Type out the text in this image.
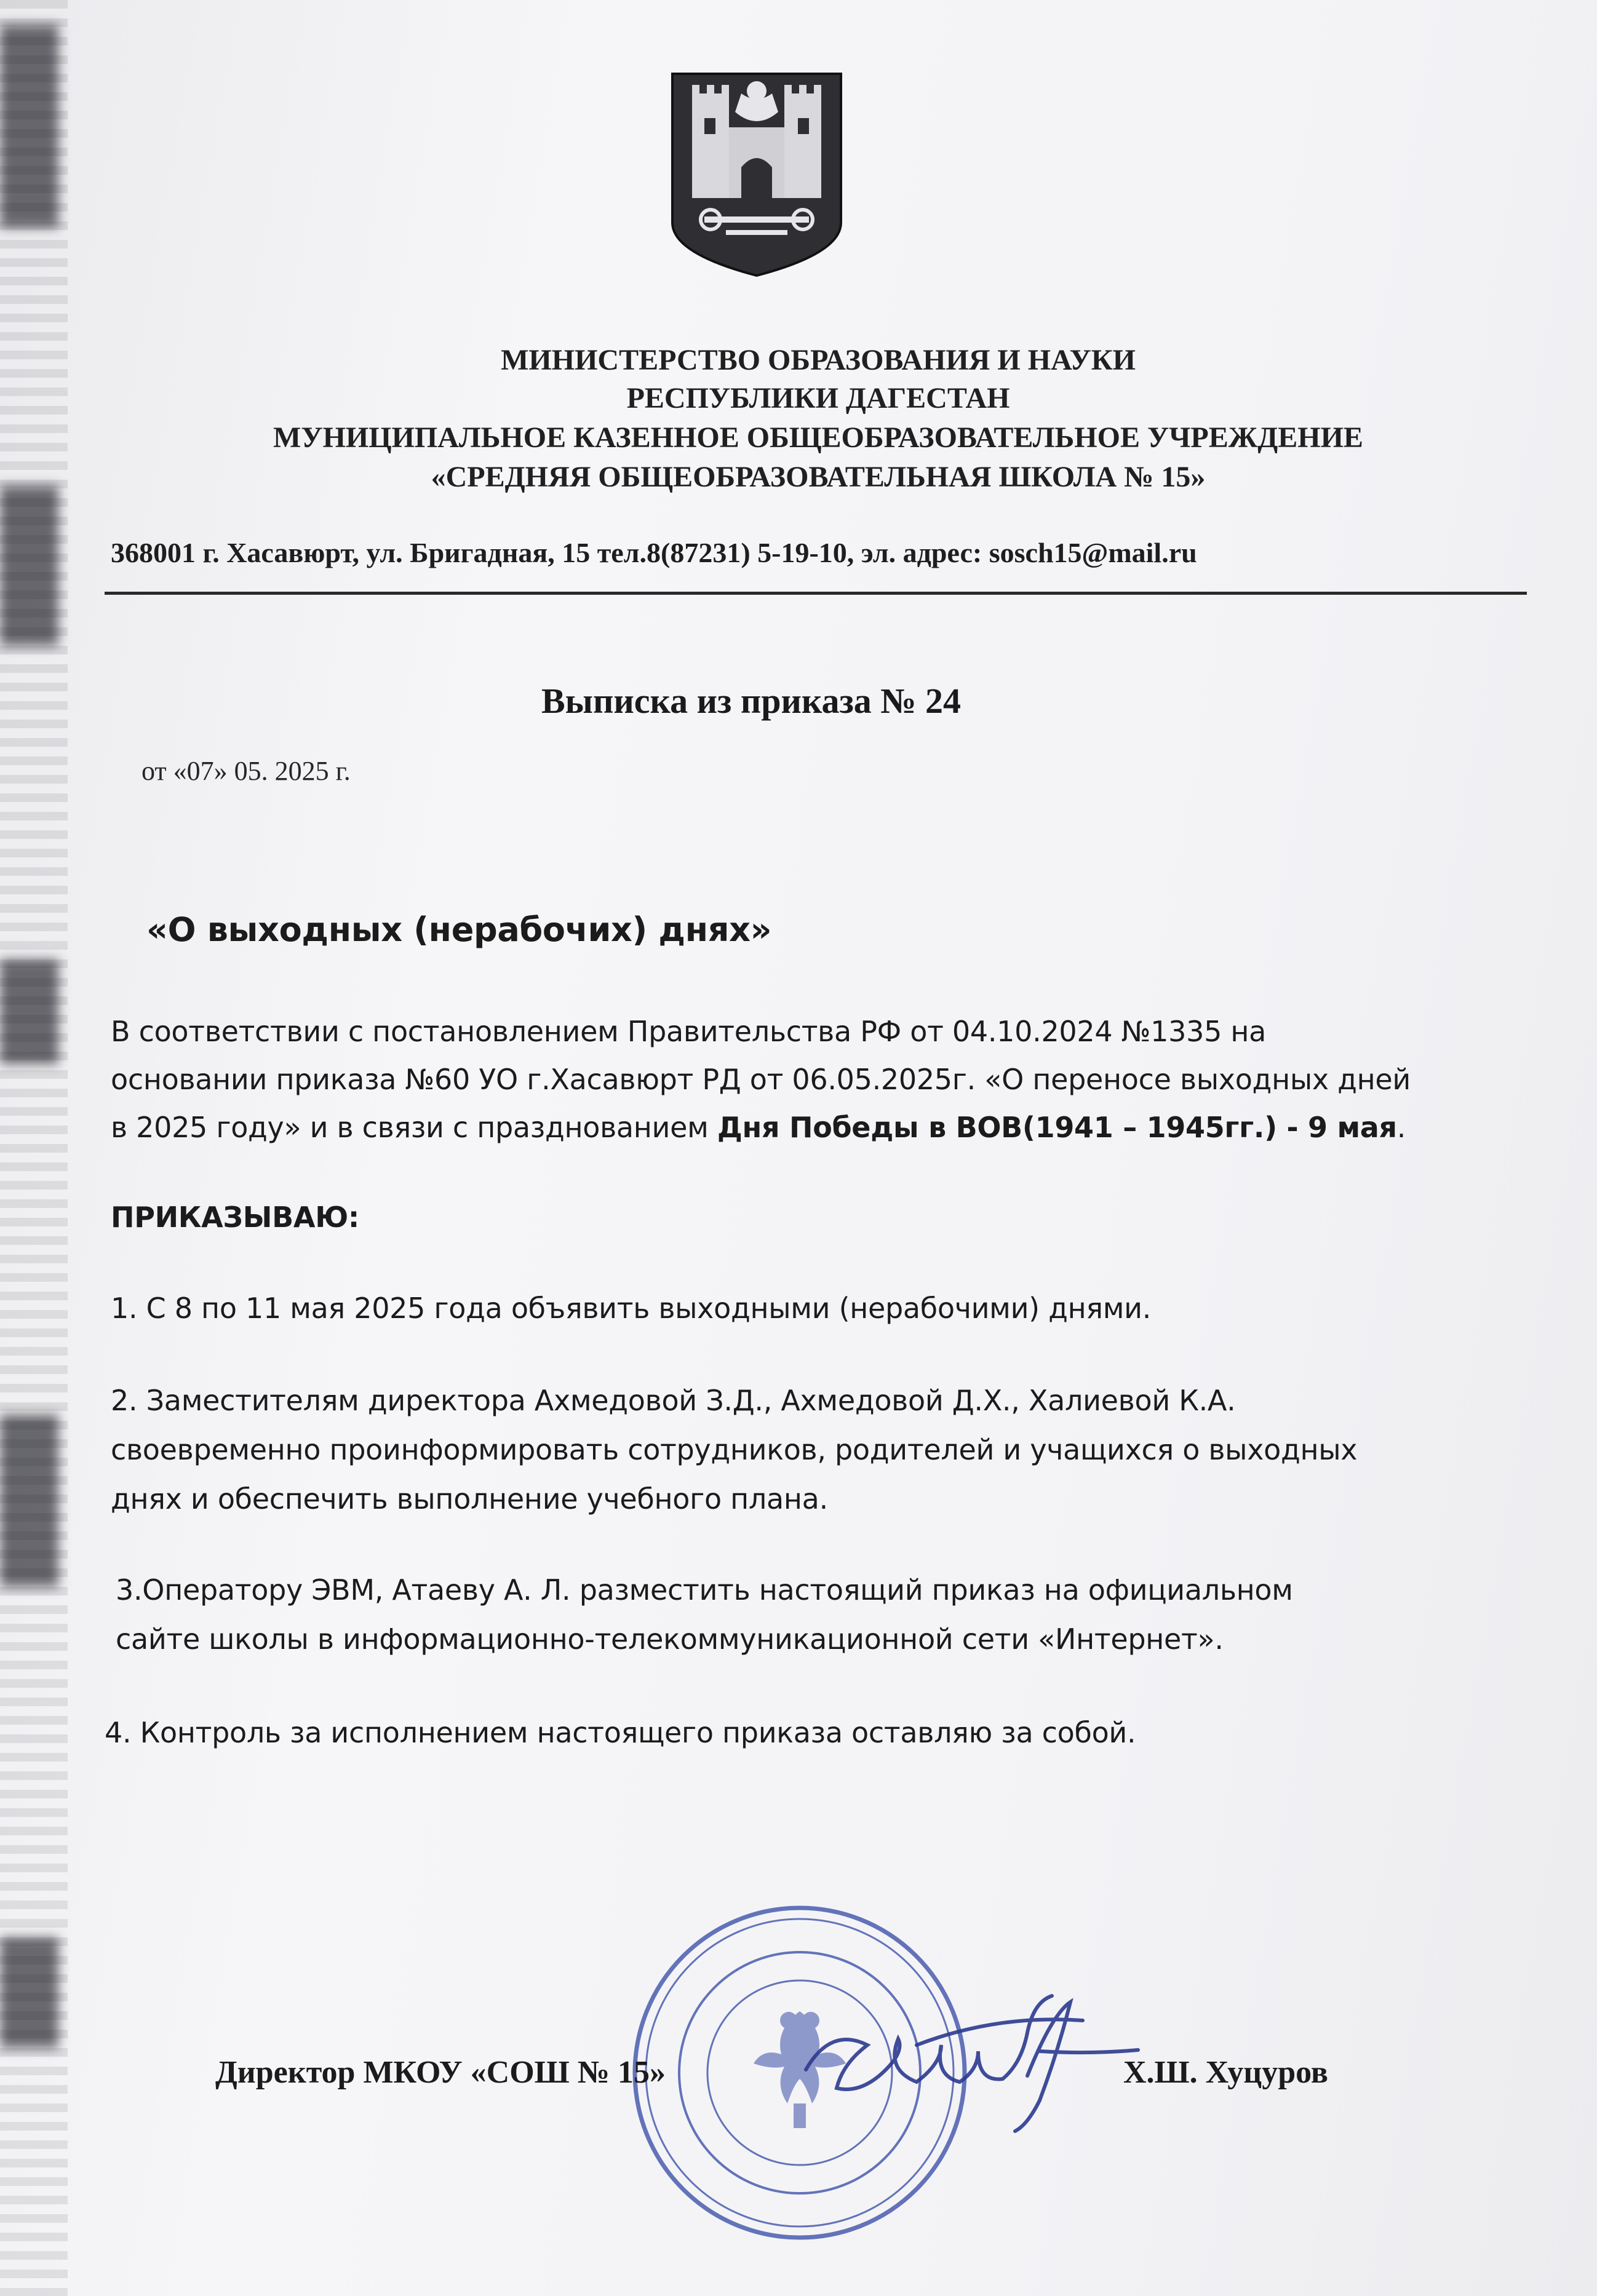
МИНИСТЕРСТВО ОБРАЗОВАНИЯ И НАУКИ
РЕСПУБЛИКИ ДАГЕСТАН
МУНИЦИПАЛЬНОЕ КАЗЕННОЕ ОБЩЕОБРАЗОВАТЕЛЬНОЕ УЧРЕЖДЕНИЕ
«СРЕДНЯЯ ОБЩЕОБРАЗОВАТЕЛЬНАЯ ШКОЛА № 15»
368001 г. Хасавюрт, ул. Бригадная, 15 тел.8(87231) 5-19-10, эл. адрес: sosch15@mail.ru
Выписка из приказа № 24
от «07» 05. 2025 г.
«О выходных (нерабочих) днях»
В соответствии с постановлением Правительства РФ от 04.10.2024 №1335 на
основании приказа №60 УО г.Хасавюрт РД от 06.05.2025г. «О переносе выходных дней
в 2025 году» и в связи с празднованием Дня Победы в ВОВ(1941 – 1945гг.) - 9 мая.
ПРИКАЗЫВАЮ:
1. С 8 по 11 мая 2025 года объявить выходными (нерабочими) днями.
2. Заместителям директора Ахмедовой З.Д., Ахмедовой Д.Х., Халиевой К.А.
своевременно проинформировать сотрудников, родителей и учащихся о выходных
днях и обеспечить выполнение учебного плана.
3.Оператору ЭВМ, Атаеву А. Л. разместить настоящий приказ на официальном
сайте школы в информационно-телекоммуникационной сети «Интернет».
4. Контроль за исполнением настоящего приказа оставляю за собой.
Директор МКОУ «СОШ № 15»	Х.Ш. Хуцуров
